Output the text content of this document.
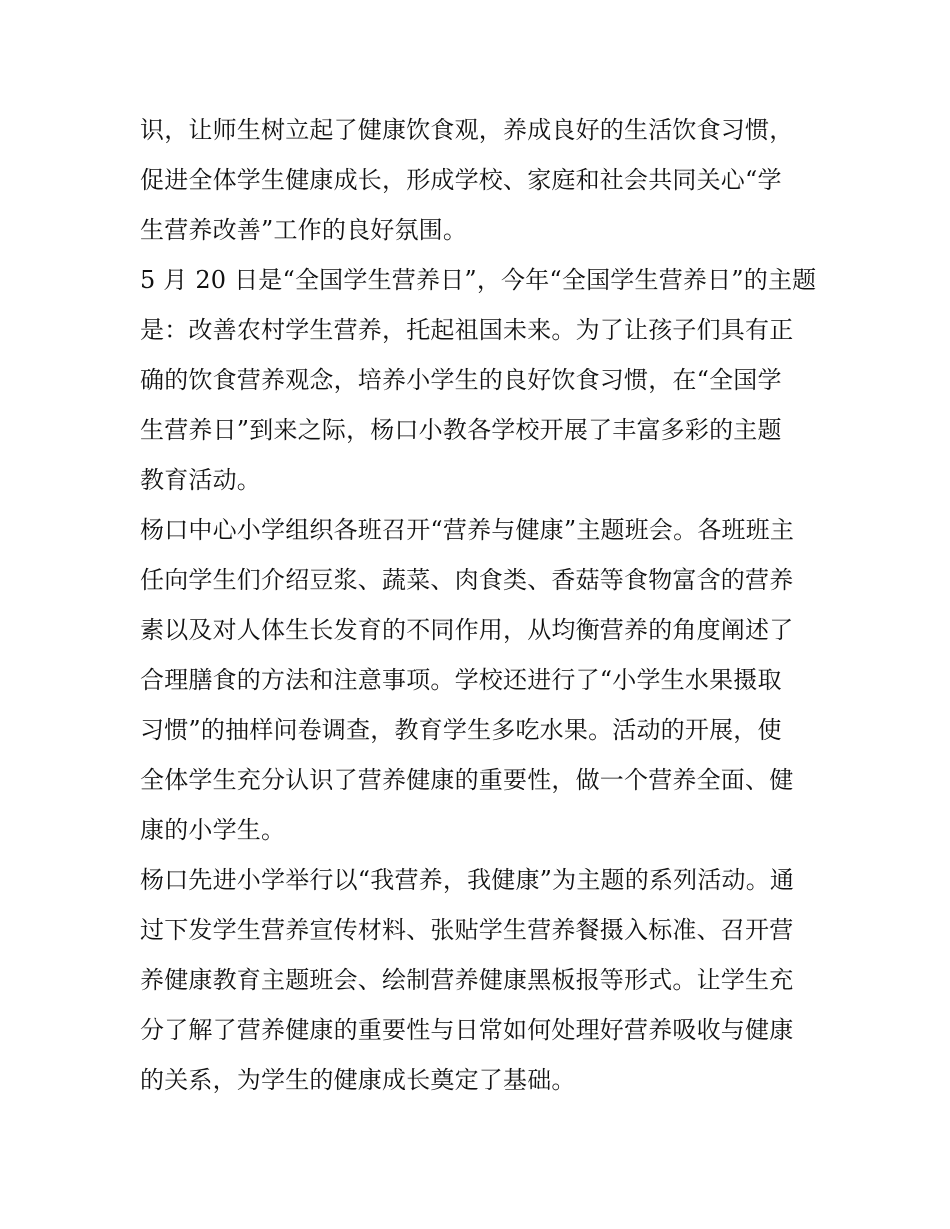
识，让师生树立起了健康饮食观，养成良好的生活饮食习惯，
促进全体学生健康成长，形成学校、家庭和社会共同关心“学
生营养改善”工作的良好氛围。
5 月 20 日是“全国学生营养日”，今年“全国学生营养日”的主题
是：改善农村学生营养，托起祖国未来。为了让孩子们具有正
确的饮食营养观念，培养小学生的良好饮食习惯，在“全国学
生营养日”到来之际，杨口小教各学校开展了丰富多彩的主题
教育活动。
杨口中心小学组织各班召开“营养与健康”主题班会。各班班主
任向学生们介绍豆浆、蔬菜、肉食类、香菇等食物富含的营养
素以及对人体生长发育的不同作用，从均衡营养的角度阐述了
合理膳食的方法和注意事项。学校还进行了“小学生水果摄取
习惯”的抽样问卷调查，教育学生多吃水果。活动的开展，使
全体学生充分认识了营养健康的重要性，做一个营养全面、健
康的小学生。
杨口先进小学举行以“我营养，我健康”为主题的系列活动。通
过下发学生营养宣传材料、张贴学生营养餐摄入标准、召开营
养健康教育主题班会、绘制营养健康黑板报等形式。让学生充
分了解了营养健康的重要性与日常如何处理好营养吸收与健康
的关系，为学生的健康成长奠定了基础。
